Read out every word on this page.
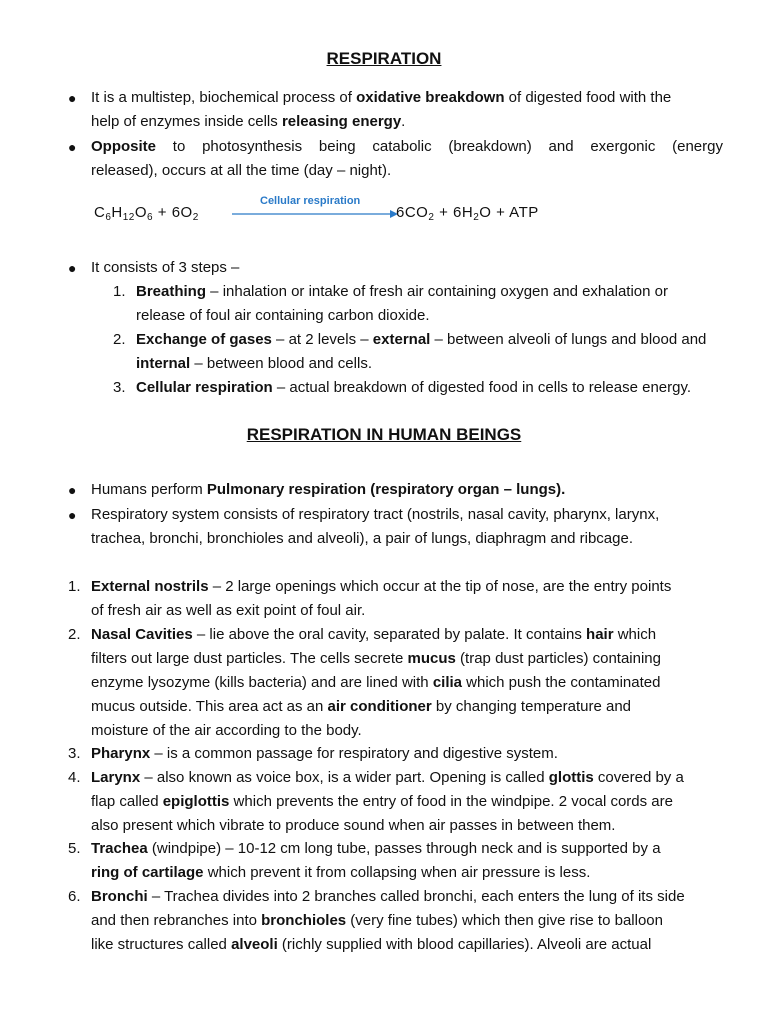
RESPIRATION
● It is a multistep, biochemical process of oxidative breakdown of digested food with the
help of enzymes inside cells releasing energy.
● Opposite to photosynthesis being catabolic (breakdown) and exergonic (energy
released), occurs at all the time (day – night).
Cellular respiration
$C_6H_{12}O_6 + 6O_2$	$6CO_2 + 6H_2O$ + ATP
● It consists of 3 steps –
1. Breathing – inhalation or intake of fresh air containing oxygen and exhalation or
release of foul air containing carbon dioxide.
2. Exchange of gases – at 2 levels – external – between alveoli of lungs and blood and
internal – between blood and cells.
3. Cellular respiration – actual breakdown of digested food in cells to release energy.
RESPIRATION IN HUMAN BEINGS
● Humans perform Pulmonary respiration (respiratory organ – lungs).
● Respiratory system consists of respiratory tract (nostrils, nasal cavity, pharynx, larynx,
trachea, bronchi, bronchioles and alveoli), a pair of lungs, diaphragm and ribcage.
1. External nostrils – 2 large openings which occur at the tip of nose, are the entry points
of fresh air as well as exit point of foul air.
2. Nasal Cavities – lie above the oral cavity, separated by palate. It contains hair which
filters out large dust particles. The cells secrete mucus (trap dust particles) containing
enzyme lysozyme (kills bacteria) and are lined with cilia which push the contaminated
mucus outside. This area act as an air conditioner by changing temperature and
moisture of the air according to the body.
3. Pharynx – is a common passage for respiratory and digestive system.
4. Larynx – also known as voice box, is a wider part. Opening is called glottis covered by a
flap called epiglottis which prevents the entry of food in the windpipe. 2 vocal cords are
also present which vibrate to produce sound when air passes in between them.
5. Trachea (windpipe) – 10-12 cm long tube, passes through neck and is supported by a
ring of cartilage which prevent it from collapsing when air pressure is less.
6. Bronchi – Trachea divides into 2 branches called bronchi, each enters the lung of its side
and then rebranches into bronchioles (very fine tubes) which then give rise to balloon
like structures called alveoli (richly supplied with blood capillaries). Alveoli are actual
